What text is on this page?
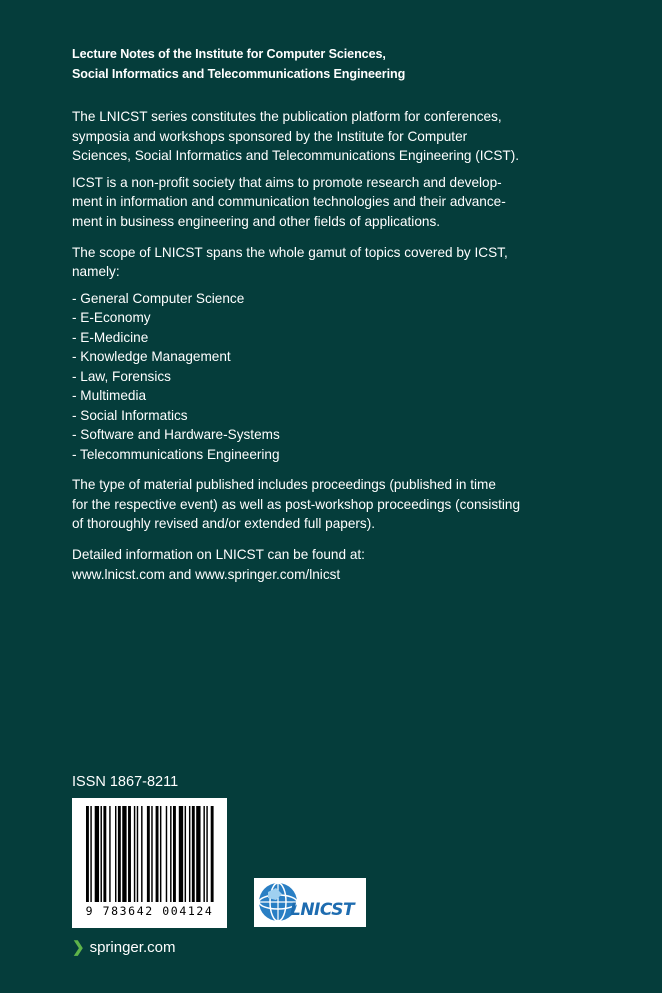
Lecture Notes of the Institute for Computer Sciences,
Social Informatics and Telecommunications Engineering
The LNICST series constitutes the publication platform for conferences,
symposia and workshops sponsored by the Institute for Computer
Sciences, Social Informatics and Telecommunications Engineering (ICST).
ICST is a non-profit society that aims to promote research and develop-
ment in information and communication technologies and their advance-
ment in business engineering and other fields of applications.
The scope of LNICST spans the whole gamut of topics covered by ICST,
namely:
- General Computer Science
- E-Economy
- E-Medicine
- Knowledge Management
- Law, Forensics
- Multimedia
- Social Informatics
- Software and Hardware-Systems
- Telecommunications Engineering
The type of material published includes proceedings (published in time
for the respective event) as well as post-workshop proceedings (consisting
of thoroughly revised and/or extended full papers).
Detailed information on LNICST can be found at:
www.lnicst.com and www.springer.com/lnicst
ISSN 1867-8211
9 783642 004124	LNICST
❯ springer.com
